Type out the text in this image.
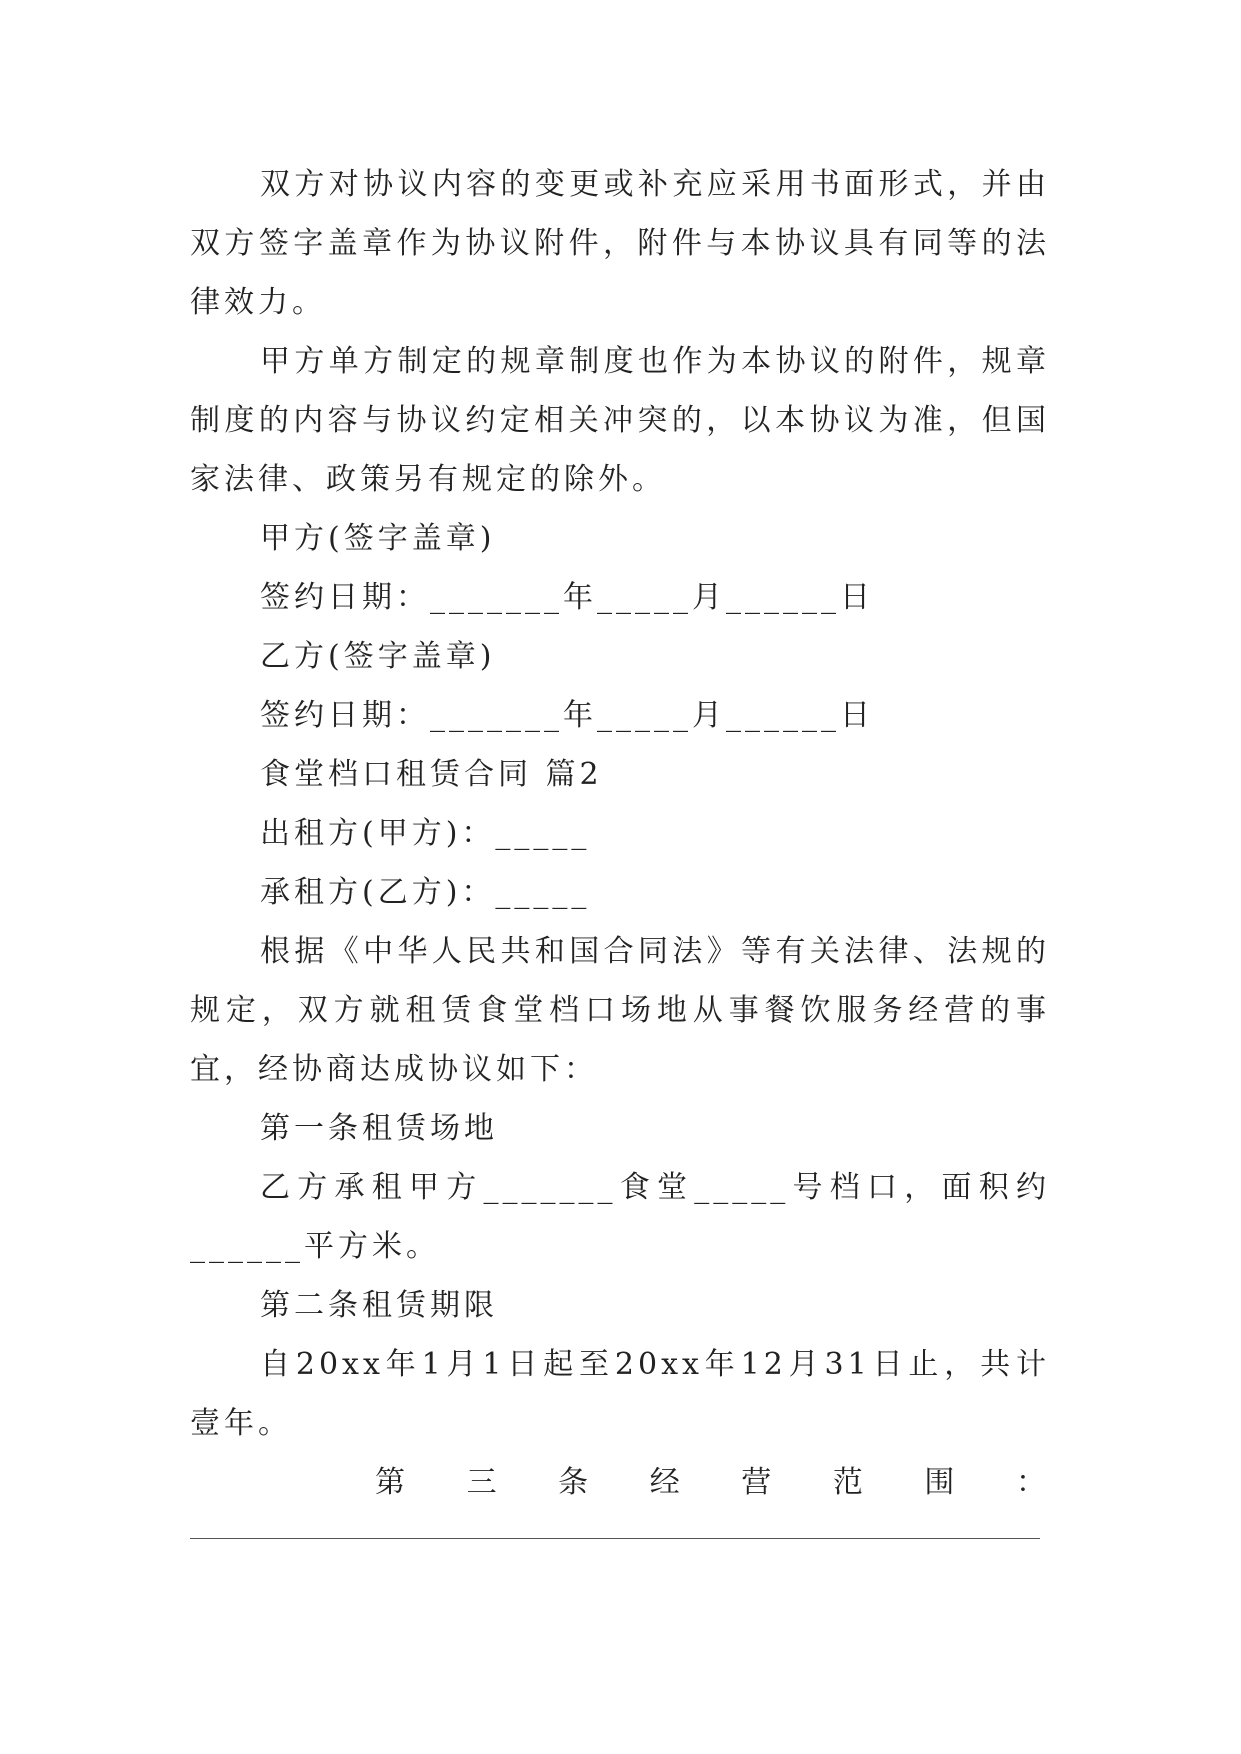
双方对协议内容的变更或补充应采用书面形式，并由双方签字盖章作为协议附件，附件与本协议具有同等的法律效力。

甲方单方制定的规章制度也作为本协议的附件，规章制度的内容与协议约定相关冲突的，以本协议为准，但国家法律、政策另有规定的除外。

甲方(签字盖章)

签约日期：_______年_____月______日

乙方(签字盖章)

签约日期：_______年_____月______日

食堂档口租赁合同 篇2

出租方(甲方)：_____

承租方(乙方)：_____

根据《中华人民共和国合同法》等有关法律、法规的规定，双方就租赁食堂档口场地从事餐饮服务经营的事宜，经协商达成协议如下：

第一条租赁场地

乙方承租甲方_______食堂_____号档口，面积约______平方米。

第二条租赁期限

自20xx年1月1日起至20xx年12月31日止，共计壹年。

第 三 条 经 营 范 围 ：
